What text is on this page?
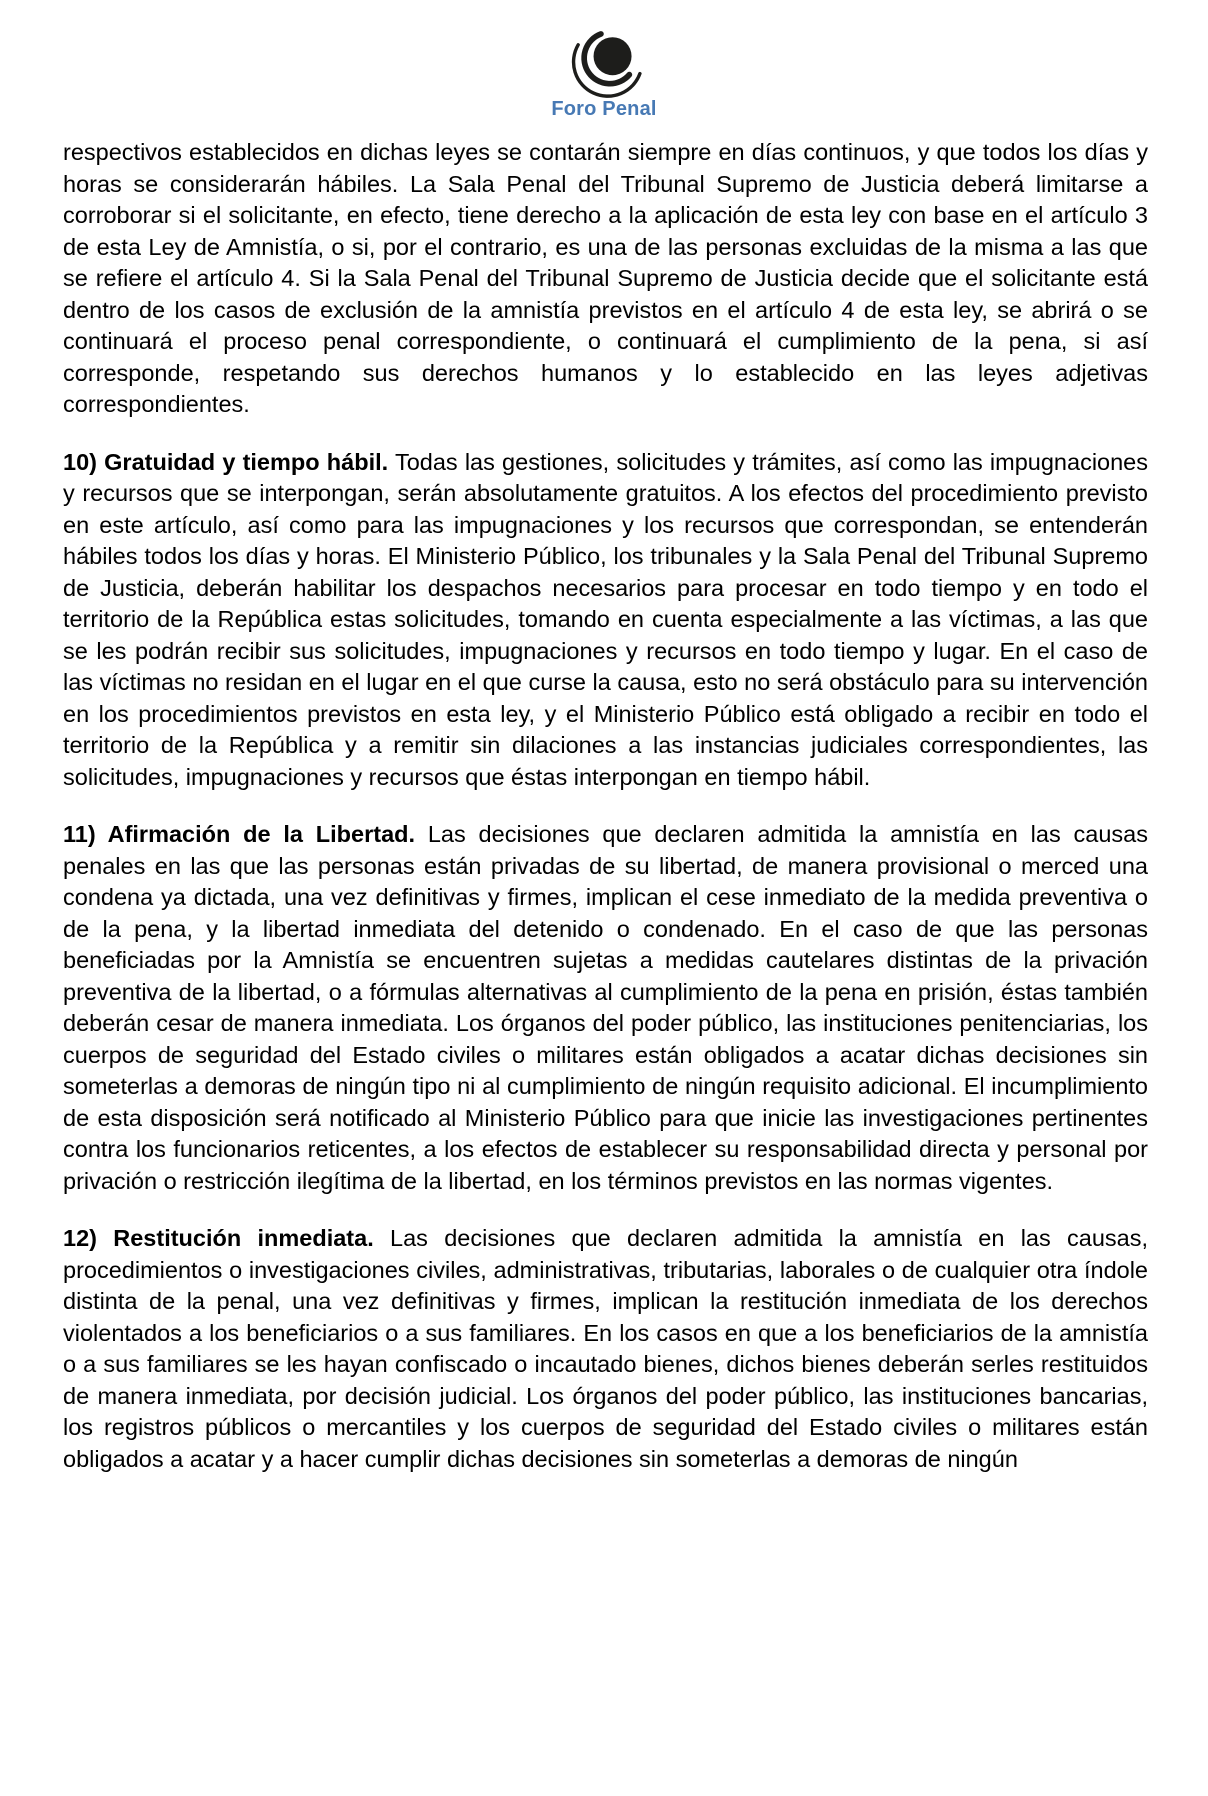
Foro Penal

respectivos establecidos en dichas leyes se contarán siempre en días continuos, y que todos los días y horas se considerarán hábiles. La Sala Penal del Tribunal Supremo de Justicia deberá limitarse a corroborar si el solicitante, en efecto, tiene derecho a la aplicación de esta ley con base en el artículo 3 de esta Ley de Amnistía, o si, por el contrario, es una de las personas excluidas de la misma a las que se refiere el artículo 4. Si la Sala Penal del Tribunal Supremo de Justicia decide que el solicitante está dentro de los casos de exclusión de la amnistía previstos en el artículo 4 de esta ley, se abrirá o se continuará el proceso penal correspondiente, o continuará el cumplimiento de la pena, si así corresponde, respetando sus derechos humanos y lo establecido en las leyes adjetivas correspondientes.

10) Gratuidad y tiempo hábil. Todas las gestiones, solicitudes y trámites, así como las impugnaciones y recursos que se interpongan, serán absolutamente gratuitos. A los efectos del procedimiento previsto en este artículo, así como para las impugnaciones y los recursos que correspondan, se entenderán hábiles todos los días y horas. El Ministerio Público, los tribunales y la Sala Penal del Tribunal Supremo de Justicia, deberán habilitar los despachos necesarios para procesar en todo tiempo y en todo el territorio de la República estas solicitudes, tomando en cuenta especialmente a las víctimas, a las que se les podrán recibir sus solicitudes, impugnaciones y recursos en todo tiempo y lugar. En el caso de las víctimas no residan en el lugar en el que curse la causa, esto no será obstáculo para su intervención en los procedimientos previstos en esta ley, y el Ministerio Público está obligado a recibir en todo el territorio de la República y a remitir sin dilaciones a las instancias judiciales correspondientes, las solicitudes, impugnaciones y recursos que éstas interpongan en tiempo hábil.

11) Afirmación de la Libertad. Las decisiones que declaren admitida la amnistía en las causas penales en las que las personas están privadas de su libertad, de manera provisional o merced una condena ya dictada, una vez definitivas y firmes, implican el cese inmediato de la medida preventiva o de la pena, y la libertad inmediata del detenido o condenado. En el caso de que las personas beneficiadas por la Amnistía se encuentren sujetas a medidas cautelares distintas de la privación preventiva de la libertad, o a fórmulas alternativas al cumplimiento de la pena en prisión, éstas también deberán cesar de manera inmediata. Los órganos del poder público, las instituciones penitenciarias, los cuerpos de seguridad del Estado civiles o militares están obligados a acatar dichas decisiones sin someterlas a demoras de ningún tipo ni al cumplimiento de ningún requisito adicional. El incumplimiento de esta disposición será notificado al Ministerio Público para que inicie las investigaciones pertinentes contra los funcionarios reticentes, a los efectos de establecer su responsabilidad directa y personal por privación o restricción ilegítima de la libertad, en los términos previstos en las normas vigentes.

12) Restitución inmediata. Las decisiones que declaren admitida la amnistía en las causas, procedimientos o investigaciones civiles, administrativas, tributarias, laborales o de cualquier otra índole distinta de la penal, una vez definitivas y firmes, implican la restitución inmediata de los derechos violentados a los beneficiarios o a sus familiares. En los casos en que a los beneficiarios de la amnistía o a sus familiares se les hayan confiscado o incautado bienes, dichos bienes deberán serles restituidos de manera inmediata, por decisión judicial. Los órganos del poder público, las instituciones bancarias, los registros públicos o mercantiles y los cuerpos de seguridad del Estado civiles o militares están obligados a acatar y a hacer cumplir dichas decisiones sin someterlas a demoras de ningún
